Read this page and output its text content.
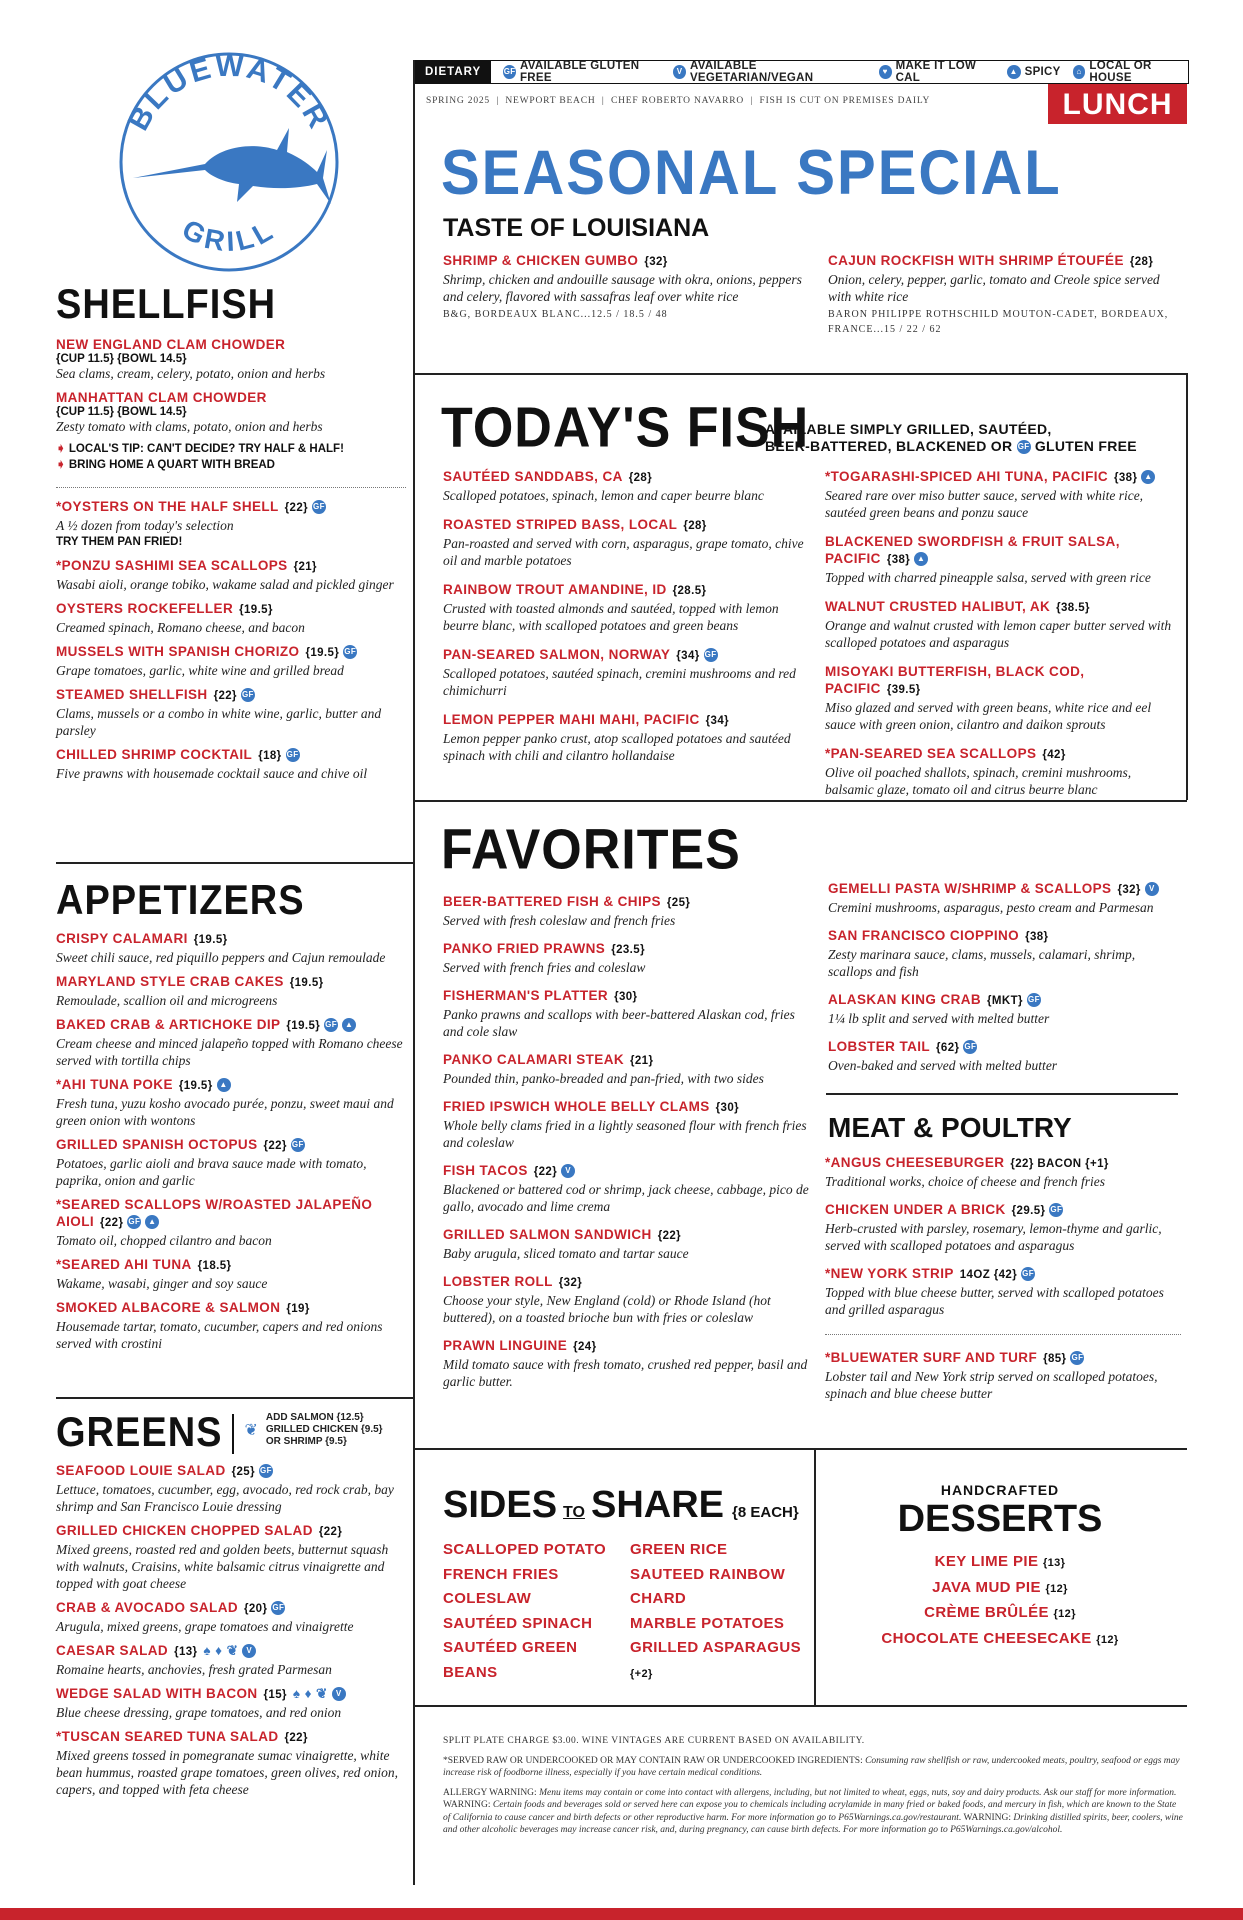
BLUEWATER
GRILL
DIETARY	GF AVAILABLE GLUTEN FREE
V AVAILABLE VEGETARIAN/VEGAN
♥ MAKE IT LOW CAL
▲ SPICY	⌂ LOCAL OR HOUSE
SPRING 2025  |  NEWPORT BEACH  |  CHEF ROBERTO NAVARRO  |  FISH IS CUT ON PREMISES DAILY	LUNCH
SEASONAL SPECIAL
TASTE OF LOUISIANA
SHRIMP & CHICKEN GUMBO {32}
Shrimp, chicken and andouille sausage with okra, onions, peppers and celery, flavored with sassafras leaf over white rice
B&G, BORDEAUX BLANC...12.5 / 18.5 / 48
CAJUN ROCKFISH WITH SHRIMP ÉTOUFÉE {28}
Onion, celery, pepper, garlic, tomato and Creole spice served with white rice
BARON PHILIPPE ROTHSCHILD MOUTON-CADET, BORDEAUX, FRANCE...15 / 22 / 62
SHELLFISH
NEW ENGLAND CLAM CHOWDER
{CUP 11.5} {BOWL 14.5}
Sea clams, cream, celery, potato, onion and herbs
MANHATTAN CLAM CHOWDER
{CUP 11.5} {BOWL 14.5}
Zesty tomato with clams, potato, onion and herbs
➧ LOCAL'S TIP: CAN'T DECIDE? TRY HALF & HALF!
➧ BRING HOME A QUART WITH BREAD
*OYSTERS ON THE HALF SHELL {22} GF
A ½ dozen from today's selection
TRY THEM PAN FRIED!
*PONZU SASHIMI SEA SCALLOPS {21}
Wasabi aioli, orange tobiko, wakame salad and pickled ginger
OYSTERS ROCKEFELLER {19.5}
Creamed spinach, Romano cheese, and bacon
MUSSELS WITH SPANISH CHORIZO {19.5} GF
Grape tomatoes, garlic, white wine and grilled bread
STEAMED SHELLFISH {22} GF
Clams, mussels or a combo in white wine, garlic, butter and parsley
CHILLED SHRIMP COCKTAIL {18} GF
Five prawns with housemade cocktail sauce and chive oil
APPETIZERS
CRISPY CALAMARI {19.5}
Sweet chili sauce, red piquillo peppers and Cajun remoulade
MARYLAND STYLE CRAB CAKES {19.5}
Remoulade, scallion oil and microgreens
BAKED CRAB & ARTICHOKE DIP {19.5} GF ▲
Cream cheese and minced jalapeño topped with Romano cheese served with tortilla chips
*AHI TUNA POKE {19.5} ▲
Fresh tuna, yuzu kosho avocado purée, ponzu, sweet maui and green onion with wontons
GRILLED SPANISH OCTOPUS {22} GF
Potatoes, garlic aioli and brava sauce made with tomato, paprika, onion and garlic
*SEARED SCALLOPS W/ROASTED JALAPEÑO AIOLI {22} GF ▲
Tomato oil, chopped cilantro and bacon
*SEARED AHI TUNA {18.5}
Wakame, wasabi, ginger and soy sauce
SMOKED ALBACORE & SALMON {19}
Housemade tartar, tomato, cucumber, capers and red onions served with crostini
GREENS ❦
ADD SALMON {12.5}
GRILLED CHICKEN {9.5}
OR SHRIMP {9.5}
SEAFOOD LOUIE SALAD {25} GF
Lettuce, tomatoes, cucumber, egg, avocado, red rock crab, bay shrimp and San Francisco Louie dressing
GRILLED CHICKEN CHOPPED SALAD {22}
Mixed greens, roasted red and golden beets, butternut squash with walnuts, Craisins, white balsamic citrus vinaigrette and topped with goat cheese
CRAB & AVOCADO SALAD {20} GF
Arugula, mixed greens, grape tomatoes and vinaigrette
CAESAR SALAD {13} ♠ ♦ ❦ V
Romaine hearts, anchovies, fresh grated Parmesan
WEDGE SALAD WITH BACON {15} ♠ ♦ ❦ V
Blue cheese dressing, grape tomatoes, and red onion
*TUSCAN SEARED TUNA SALAD {22}
Mixed greens tossed in pomegranate sumac vinaigrette, white bean hummus, roasted grape tomatoes, green olives, red onion, capers, and topped with feta cheese
TODAY'S FISH
AVAILABLE SIMPLY GRILLED, SAUTÉED,
BEER-BATTERED, BLACKENED OR GF GLUTEN FREE
SAUTÉED SANDDABS, CA {28}
Scalloped potatoes, spinach, lemon and caper beurre blanc
ROASTED STRIPED BASS, LOCAL {28}
Pan-roasted and served with corn, asparagus, grape tomato, chive oil and marble potatoes
RAINBOW TROUT AMANDINE, ID {28.5}
Crusted with toasted almonds and sautéed, topped with lemon beurre blanc, with scalloped potatoes and green beans
PAN-SEARED SALMON, NORWAY {34} GF
Scalloped potatoes, sautéed spinach, cremini mushrooms and red chimichurri
LEMON PEPPER MAHI MAHI, PACIFIC {34}
Lemon pepper panko crust, atop scalloped potatoes and sautéed spinach with chili and cilantro hollandaise
*TOGARASHI-SPICED AHI TUNA, PACIFIC {38} ▲
Seared rare over miso butter sauce, served with white rice, sautéed green beans and ponzu sauce
BLACKENED SWORDFISH & FRUIT SALSA, PACIFIC {38} ▲
Topped with charred pineapple salsa, served with green rice
WALNUT CRUSTED HALIBUT, AK {38.5}
Orange and walnut crusted with lemon caper butter served with scalloped potatoes and asparagus
MISOYAKI BUTTERFISH, BLACK COD, PACIFIC {39.5}
Miso glazed and served with green beans, white rice and eel sauce with green onion, cilantro and daikon sprouts
*PAN-SEARED SEA SCALLOPS {42}
Olive oil poached shallots, spinach, cremini mushrooms, balsamic glaze, tomato oil and citrus beurre blanc
FAVORITES
BEER-BATTERED FISH & CHIPS {25}
Served with fresh coleslaw and french fries
PANKO FRIED PRAWNS {23.5}
Served with french fries and coleslaw
FISHERMAN'S PLATTER {30}
Panko prawns and scallops with beer-battered Alaskan cod, fries and cole slaw
PANKO CALAMARI STEAK {21}
Pounded thin, panko-breaded and pan-fried, with two sides
FRIED IPSWICH WHOLE BELLY CLAMS {30}
Whole belly clams fried in a lightly seasoned flour with french fries and coleslaw
FISH TACOS {22} V
Blackened or battered cod or shrimp, jack cheese, cabbage, pico de gallo, avocado and lime crema
GRILLED SALMON SANDWICH {22}
Baby arugula, sliced tomato and tartar sauce
LOBSTER ROLL {32}
Choose your style, New England (cold) or Rhode Island (hot buttered), on a toasted brioche bun with fries or coleslaw
PRAWN LINGUINE {24}
Mild tomato sauce with fresh tomato, crushed red pepper, basil and garlic butter.
GEMELLI PASTA W/SHRIMP & SCALLOPS {32} V
Cremini mushrooms, asparagus, pesto cream and Parmesan
SAN FRANCISCO CIOPPINO {38}
Zesty marinara sauce, clams, mussels, calamari, shrimp, scallops and fish
ALASKAN KING CRAB {MKT} GF
1¼ lb split and served with melted butter
LOBSTER TAIL {62} GF
Oven-baked and served with melted butter
MEAT & POULTRY
*ANGUS CHEESEBURGER {22} BACON {+1}
Traditional works, choice of cheese and french fries
CHICKEN UNDER A BRICK {29.5} GF
Herb-crusted with parsley, rosemary, lemon-thyme and garlic, served with scalloped potatoes and asparagus
*NEW YORK STRIP 14OZ {42} GF
Topped with blue cheese butter, served with scalloped potatoes and grilled asparagus
*BLUEWATER SURF AND TURF {85} GF
Lobster tail and New York strip served on scalloped potatoes, spinach and blue cheese butter
SIDES TO SHARE {8 EACH}
SCALLOPED POTATO
FRENCH FRIES
COLESLAW
SAUTÉED SPINACH
SAUTÉED GREEN BEANS
GREEN RICE
SAUTEED RAINBOW CHARD
MARBLE POTATOES
GRILLED ASPARAGUS {+2}
HANDCRAFTED
DESSERTS
KEY LIME PIE {13}
JAVA MUD PIE {12}
CRÈME BRÛLÉE {12}
CHOCOLATE CHEESECAKE {12}

SPLIT PLATE CHARGE $3.00. WINE VINTAGES ARE CURRENT BASED ON AVAILABILITY.

*SERVED RAW OR UNDERCOOKED OR MAY CONTAIN RAW OR UNDERCOOKED INGREDIENTS: Consuming raw shellfish or raw, undercooked meats, poultry, seafood or eggs may increase risk of foodborne illness, especially if you have certain medical conditions.

ALLERGY WARNING: Menu items may contain or come into contact with allergens, including, but not limited to wheat, eggs, nuts, soy and dairy products. Ask our staff for more information. WARNING: Certain foods and beverages sold or served here can expose you to chemicals including acrylamide in many fried or baked foods, and mercury in fish, which are known to the State of California to cause cancer and birth defects or other reproductive harm. For more information go to P65Warnings.ca.gov/restaurant. WARNING: Drinking distilled spirits, beer, coolers, wine and other alcoholic beverages may increase cancer risk, and, during pregnancy, can cause birth defects. For more information go to P65Warnings.ca.gov/alcohol.
